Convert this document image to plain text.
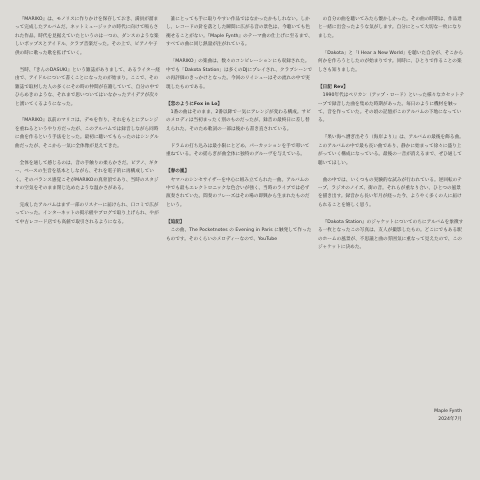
『MARIKO』は、モノリスに作りかけを保存しておき、満員が溜まって完成したアルバムだ。ネットミュージックの時代に向けて鳴らされた作品。時代を見据えていたというのは一つの、ダンスのような楽しいポップスとアイドル、クラブ音楽だった。その上で、ピアノや子供の時に歌った歌を拡げていく。

当時、『きんのDASUKI』という雑誌がありまして、あるライター経由で、アイドルについて書くことになったのが始まり。ここで、その雑誌で取材した人の多くにその時の仲間が在籍していて、自分の中でひらめきのような、それまで思いついてはいなかったアイデアが次々と湧いてくるようになった。

『MARIKO』以前のマリコは、デモを作り、それをもとにアレンジを重ねるというやり方だったが、このアルバムでは録音しながら同時に曲を作るという手法をとった。最初に聴いてもらったのはシングル曲だったが、そこから一気に全体像が見えてきた。

全体を通して感じるのは、音の手触りの柔らかさだ。ピアノ、ギター、ベースの生音を基本としながら、それを電子的に再構成していく。そのバランス感覚こそがMARIKOの真骨頂であり、当時のスタジオの空気をそのまま閉じ込めたような温かさがある。

完成したアルバムはまず一部のリスナーに届けられ、口コミで広がっていった。インターネットの掲示板やブログで取り上げられ、やがて中古レコード店でも高値で取引されるようになる。

誰にとっても手に取りやすい作品ではなかったかもしれない。しかし、レコードの針を落とした瞬間に広がる音の景色は、今聴いても色褪せることがない。『Maple Fynth』のテーマ曲の仕上げに至るまで、すべての曲に同じ熱量が注がれている。

「MARIKO」の楽曲は、数々のコンピレーションにも収録された。中でも「Dakota Station」は多くのDJにプレイされ、クラブシーンでの再評価のきっかけとなった。今回のリイシューはその流れの中で実現したものである。

【恋のようにFox in Lo】

1番の曲はそのまま、2番以降で一気にアレンジが変わる構成。サビのメロディは当初まったく別のものだったが、録音の最終日に差し替えられた。そのため歌詞の一部は後から書き直されている。

ドラムの打ち込みは最小限にとどめ、パーカッションを手で叩いて重ねている。その揺らぎが曲全体に独特のグルーヴを与えている。

【春の嵐】

ヤマハのシンセサイザーを中心に組み立てられた一曲。アルバムの中でも最もエレクトロニックな色合いが強く、当時のライブでは必ず演奏されていた。間奏のフレーズはその場の即興から生まれたものだという。

【追記】

この曲、The Pocketnotes の Evening in Paris に触発して作ったものです。そのくらいのメロディーなので、YouTube

の自分の曲を聴いてみたら懐かしかった。その曲の時期は、作品達と一緒に出会ったような気がします。自分にとって大切な一枚になりました。

「Dakota」と「I Hear a New World」を聴いた自分が、そこから何かを作ろうとしたのが始まりです。同時に、ひとりで作ることの楽しさも知りました。

【日記 Rev】

1990年代はペリカン（アップ・ロード）といった様々なカセットテープで録音した曲を集めた時期があった。毎日のように機材を触って、音を作っていた。その頃の記憶がこのアルバムの下地になっている。

『果い海へ漕ぎ出そう（海岸より）』は、アルバムの最後を飾る曲。このアルバムの中で最も長い曲であり、静かに始まって徐々に盛り上がっていく構成になっている。最後の一音が消えるまで、ぜひ通して聴いてほしい。

曲の中では、いくつもの実験的な試みが行われている。逆回転のテープ、ラジオのノイズ、街の音。それらが重なり合い、ひとつの風景を描き出す。録音から長い年月が経った今、ようやく多くの人に届けられることを嬉しく思う。

『Dakota Station』のジャケットについてのちにアルバムを象徴する一枚となったこの写真は、友人が撮影したもの。どこにでもある駅のホームの風景が、不思議と曲の雰囲気に重なって見えたので、このジャケットに決めた。

Maple Fynth
2024年7月
